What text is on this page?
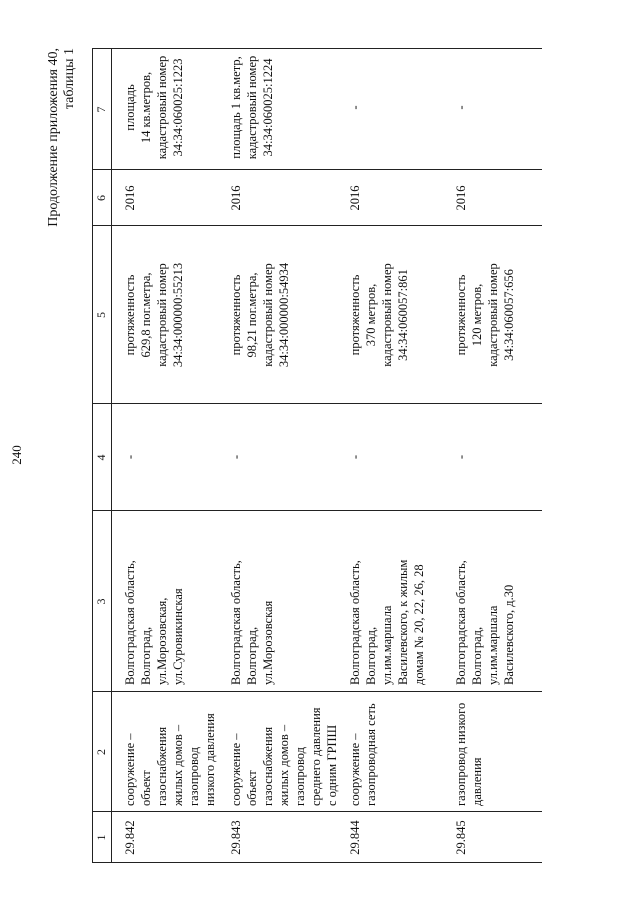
240
Продолжение приложения 40, таблицы 1
1
2
3
4
5
6
7
29.842
сооружение – объект
газоснабжения
жилых домов –
газопровод
низкого давления
Волгоградская область,
Волгоград,
ул.Морозовская,
ул.Суровикинская
-
протяженность
629,8 пог.метра,
кадастровый номер
34:34:000000:55213
2016
площадь
14 кв.метров,
кадастровый номер
34:34:060025:1223
29.843
сооружение – объект
газоснабжения
жилых домов –
газопровод
среднего давления
с одним ГРПШ
Волгоградская область,
Волгоград,
ул.Морозовская
-
протяженность
98,21 пог.метра,
кадастровый номер
34:34:000000:54934
2016
площадь 1 кв.метр,
кадастровый номер
34:34:060025:1224
29.844
сооружение –
газопроводная сеть
Волгоградская область,
Волгоград,
ул.им.маршала
Василевского, к жилым
домам № 20, 22, 26, 28
-
протяженность
370 метров,
кадастровый номер
34:34:060057:861
2016
-
29.845
газопровод низкого
давления
Волгоградская область,
Волгоград,
ул.им.маршала
Василевского, д.30
-
протяженность
120 метров,
кадастровый номер
34:34:060057:656
2016
-
